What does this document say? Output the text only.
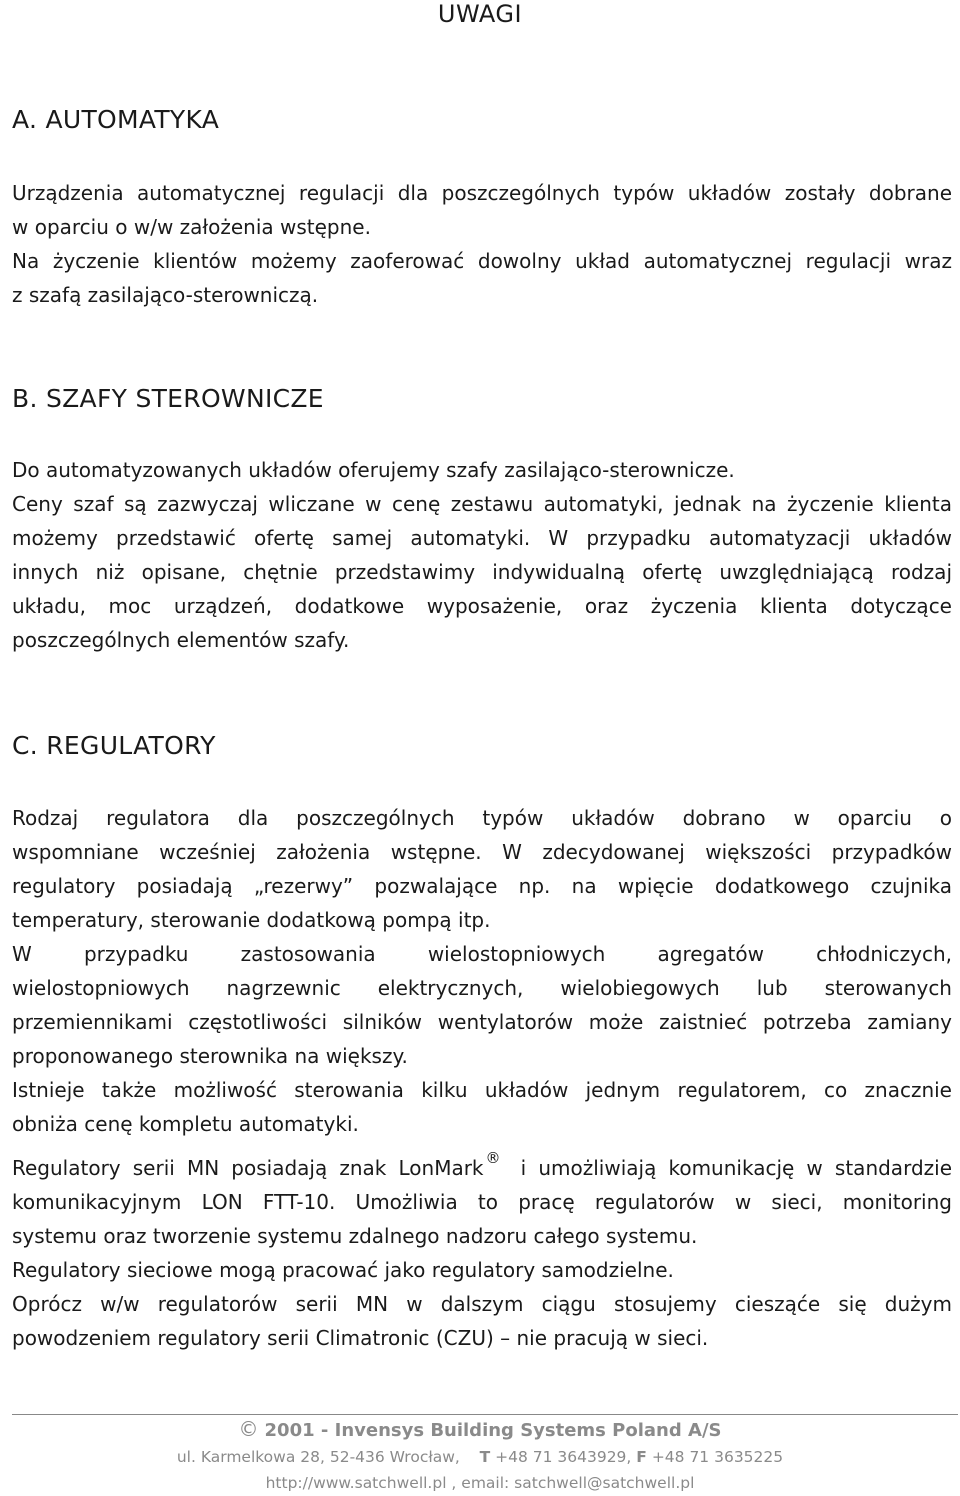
UWAGI
A. AUTOMATYKA
Urządzenia automatycznej regulacji dla poszczególnych typów układów zostały dobrane
w oparciu o w/w założenia wstępne.
Na życzenie klientów możemy zaoferować dowolny układ automatycznej regulacji wraz
z szafą zasilająco-sterowniczą.
B. SZAFY STEROWNICZE
Do automatyzowanych układów oferujemy szafy zasilająco-sterownicze.
Ceny szaf są zazwyczaj wliczane w cenę zestawu automatyki, jednak na życzenie klienta
możemy przedstawić ofertę samej automatyki. W przypadku automatyzacji układów
innych niż opisane, chętnie przedstawimy indywidualną ofertę uwzględniającą rodzaj
układu, moc urządzeń, dodatkowe wyposażenie, oraz życzenia klienta dotyczące
poszczególnych elementów szafy.
C. REGULATORY
Rodzaj regulatora dla poszczególnych typów układów dobrano w oparciu o
wspomniane wcześniej założenia wstępne. W zdecydowanej większości przypadków
regulatory posiadają „rezerwy” pozwalające np. na wpięcie dodatkowego czujnika
temperatury, sterowanie dodatkową pompą itp.
W przypadku zastosowania wielostopniowych agregatów chłodniczych,
wielostopniowych nagrzewnic elektrycznych, wielobiegowych lub sterowanych
przemiennikami częstotliwości silników wentylatorów może zaistnieć potrzeba zamiany
proponowanego sterownika na większy.
Istnieje także możliwość sterowania kilku układów jednym regulatorem, co znacznie
obniża cenę kompletu automatyki.
Regulatory serii MN posiadają znak LonMark ® i umożliwiają komunikację w standardzie
komunikacyjnym LON FTT-10. Umożliwia to pracę regulatorów w sieci, monitoring
systemu oraz tworzenie systemu zdalnego nadzoru całego systemu.
Regulatory sieciowe mogą pracować jako regulatory samodzielne.
Oprócz w/w regulatorów serii MN w dalszym ciągu stosujemy ciesząće się dużym
powodzeniem regulatory serii Climatronic (CZU) – nie pracują w sieci.
© 2001 - Invensys Building Systems Poland A/S
ul. Karmelkowa 28, 52-436 Wrocław, T +48 71 3643929, F +48 71 3635225
http://www.satchwell.pl , email: satchwell@satchwell.pl
